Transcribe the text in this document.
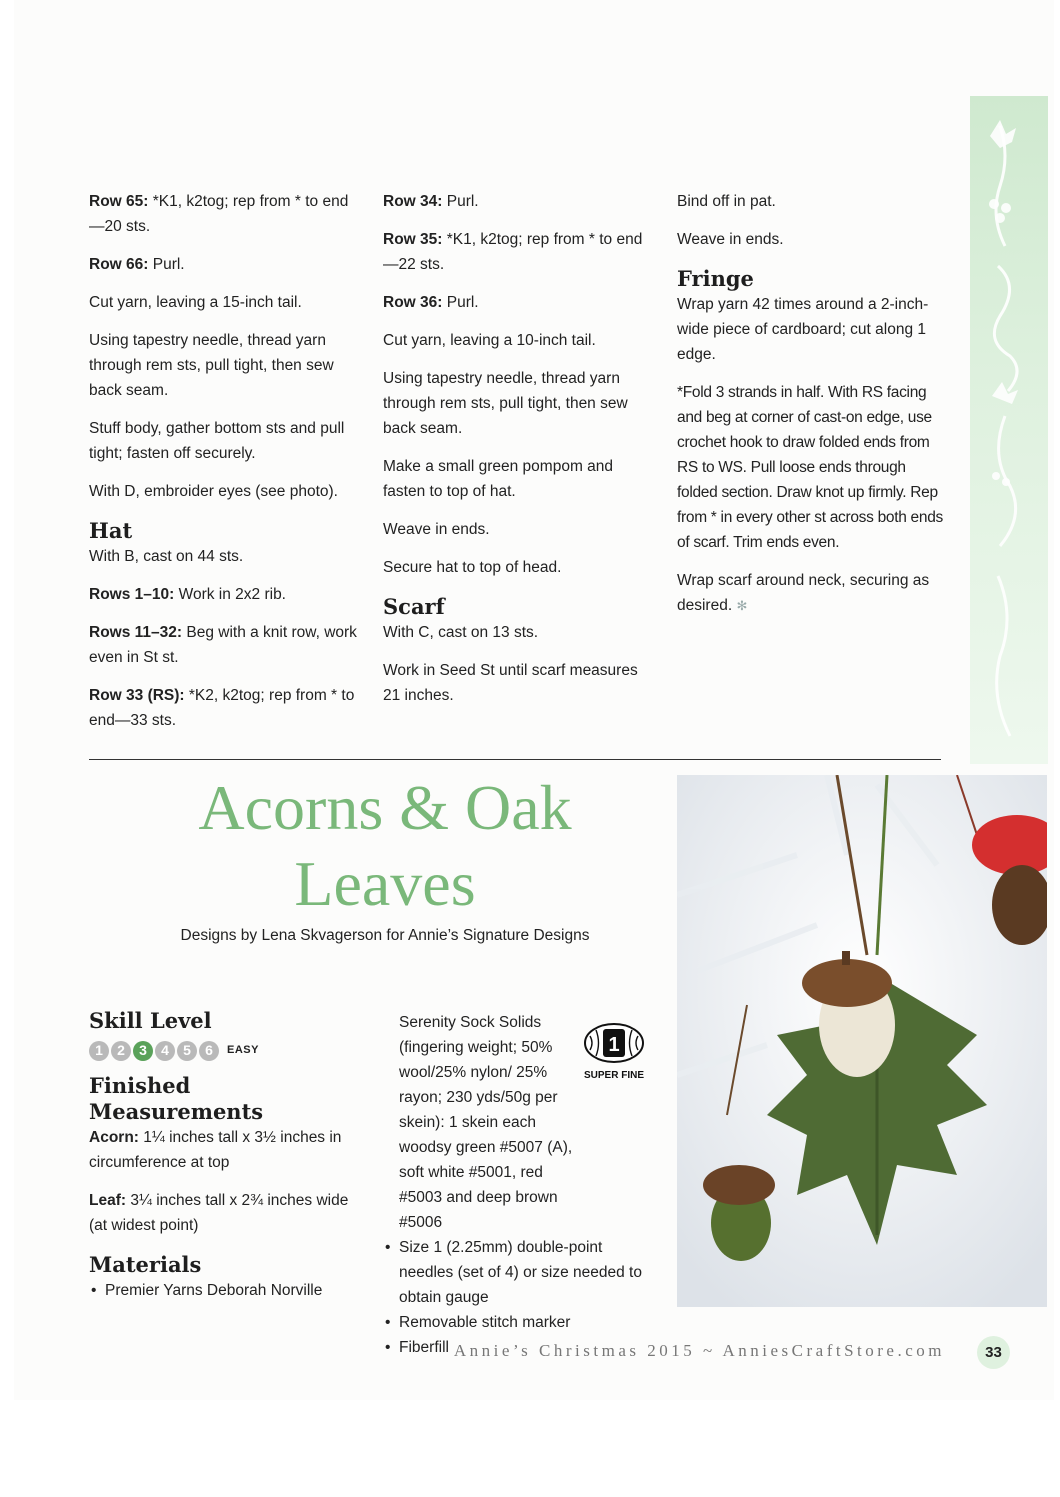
Row 65: *K1, k2tog; rep from * to end—20 sts.

Row 66: Purl.

Cut yarn, leaving a 15-inch tail.

Using tapestry needle, thread yarn through rem sts, pull tight, then sew back seam.

Stuff body, gather bottom sts and pull tight; fasten off securely.

With D, embroider eyes (see photo).

Hat

With B, cast on 44 sts.

Rows 1–10: Work in 2x2 rib.

Rows 11–32: Beg with a knit row, work even in St st.

Row 33 (RS): *K2, k2tog; rep from * to end—33 sts.

Row 34: Purl.

Row 35: *K1, k2tog; rep from * to end—22 sts.

Row 36: Purl.

Cut yarn, leaving a 10-inch tail.

Using tapestry needle, thread yarn through rem sts, pull tight, then sew back seam.

Make a small green pompom and fasten to top of hat.

Weave in ends.

Secure hat to top of head.

Scarf

With C, cast on 13 sts.

Work in Seed St until scarf measures 21 inches.

Bind off in pat.

Weave in ends.

Fringe

Wrap yarn 42 times around a 2-inch-wide piece of cardboard; cut along 1 edge.

*Fold 3 strands in half. With RS facing and beg at corner of cast-on edge, use crochet hook to draw folded ends from RS to WS. Pull loose ends through folded section. Draw knot up firmly. Rep from * in every other st across both ends of scarf. Trim ends even.

Wrap scarf around neck, securing as desired. ✻

Acorns & Oak
Leaves
Designs by Lena Skvagerson for Annie’s Signature Designs
Skill Level
1	2	3	4	5	6	EASY
Finished Measurements

Acorn: 1¼ inches tall x 3½ inches in circumference at top

Leaf: 3¼ inches tall x 2¾ inches wide (at widest point)

Materials
• Premier Yarns Deborah Norville
Serenity Sock Solids (fingering weight; 50% wool/25% nylon/ 25% rayon; 230 yds/50g per skein): 1 skein each woodsy green #5007 (A), soft white #5001, red #5003 and deep brown #5006
• Size 1 (2.25mm) double-point needles (set of 4) or size needed to obtain gauge
• Removable stitch marker
• Fiberfill
1
SUPER FINE
Annie’s Christmas 2015 ~ AnniesCraftStore.com	33
